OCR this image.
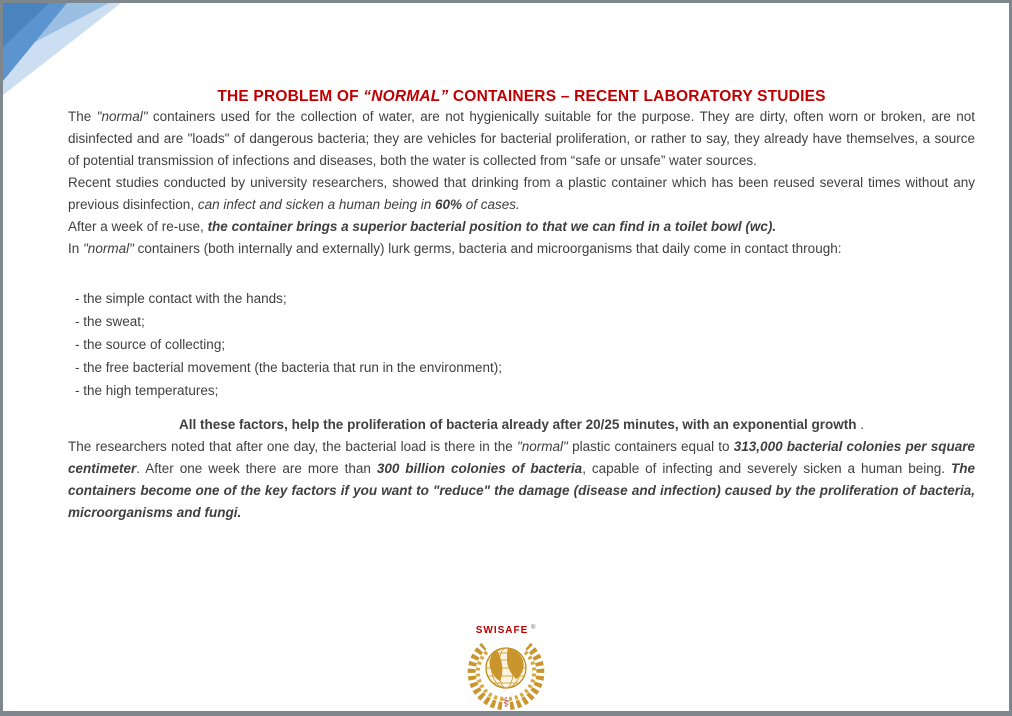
THE PROBLEM OF “NORMAL” CONTAINERS – RECENT LABORATORY STUDIES

The "normal" containers used for the collection of water, are not hygienically suitable for the purpose. They are dirty, often worn or broken, are not disinfected and are "loads" of dangerous bacteria; they are vehicles for bacterial proliferation, or rather to say, they already have themselves, a source of potential transmission of infections and diseases, both the water is collected from “safe or unsafe” water sources.

Recent studies conducted by university researchers, showed that drinking from a plastic container which has been reused several times without any previous disinfection, can infect and sicken a human being in 60% of cases.

After a week of re-use, the container brings a superior bacterial position to that we can find in a toilet bowl (wc).

In "normal" containers (both internally and externally) lurk germs, bacteria and microorganisms that daily come in contact through:

- the simple contact with the hands;
- the sweat;
- the source of collecting;
- the free bacterial movement (the bacteria that run in the environment);
- the high temperatures;

All these factors, help the proliferation of bacteria already after 20/25 minutes, with an exponential growth .

The researchers noted that after one day, the bacterial load is there in the "normal" plastic containers equal to 313,000 bacterial colonies per square centimeter. After one week there are more than 300 billion colonies of bacteria, capable of infecting and severely sicken a human being. The containers become one of the key factors if you want to "reduce" the damage (disease and infection) caused by the proliferation of bacteria, microorganisms and fungi.

SWISAFE ®
⚕
